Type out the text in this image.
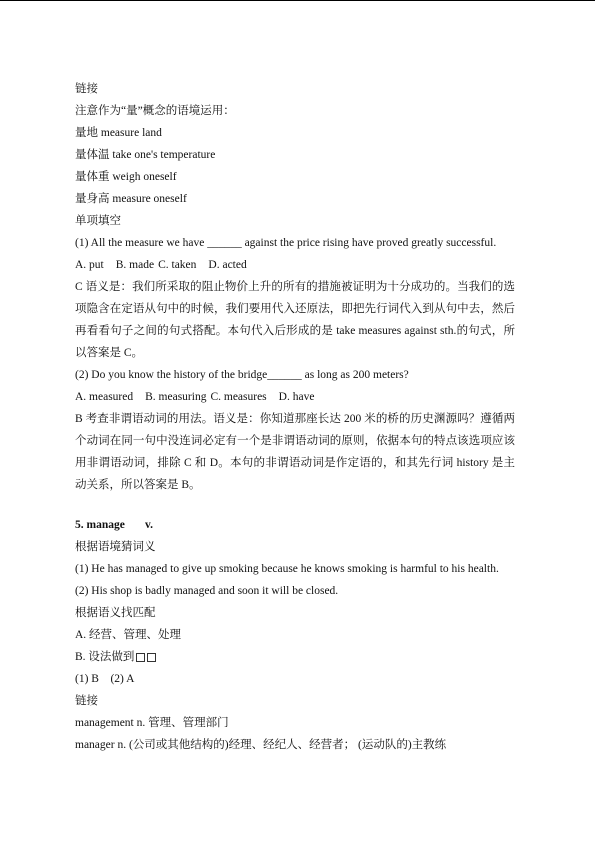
链接
注意作为“量”概念的语境运用：
量地 measure land
量体温 take one's temperature
量体重 weigh oneself
量身高 measure oneself
单项填空
(1) All the measure we have ______ against the price rising have proved greatly successful.
A. put B. made C. taken D. acted
C 语义是：我们所采取的阻止物价上升的所有的措施被证明为十分成功的。当我们的选项隐含在定语从句中的时候，我们要用代入还原法，即把先行词代入到从句中去，然后再看看句子之间的句式搭配。本句代入后形成的是 take measures against sth.的句式，所以答案是 C。
(2) Do you know the history of the bridge______ as long as 200 meters?
A. measured B. measuring C. measures D. have
B 考查非谓语动词的用法。语义是：你知道那座长达 200 米的桥的历史渊源吗？遵循两个动词在同一句中没连词必定有一个是非谓语动词的原则，依据本句的特点该选项应该用非谓语动词，排除 C 和 D。本句的非谓语动词是作定语的，和其先行词 history 是主动关系，所以答案是 B。
5. manage       v.
根据语境猜词义
(1) He has managed to give up smoking because he knows smoking is harmful to his health.
(2) His shop is badly managed and soon it will be closed.
根据语义找匹配
A. 经营、管理、处理
B. 设法做到
(1) B    (2) A
链接
management n. 管理、管理部门
manager n. (公司或其他结构的)经理、经纪人、经营者； (运动队的)主教练
